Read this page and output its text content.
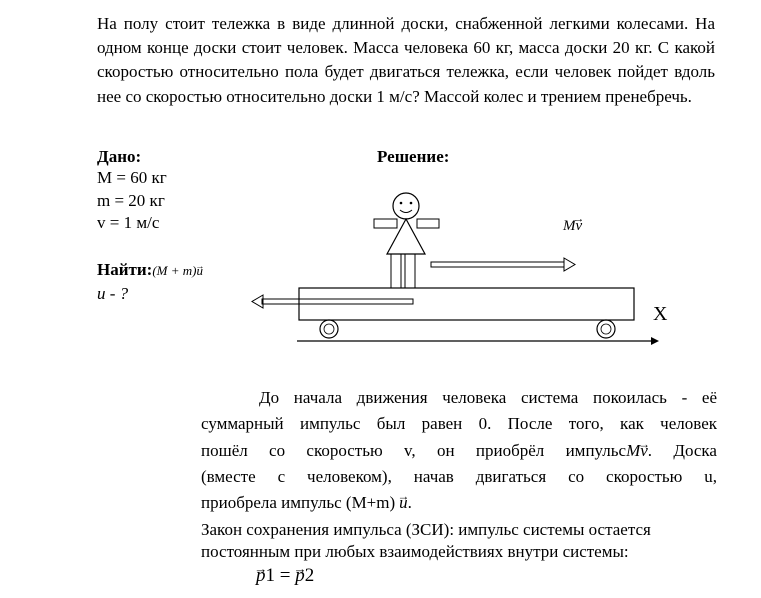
На полу стоит тележка в виде длинной доски, снабженной легкими колесами. На одном конце доски стоит человек. Масса человека 60 кг, масса доски 20 кг. С какой скоростью относительно пола будет двигаться тележка, если человек пойдет вдоль нее со скоростью относительно доски 1 м/с? Массой колес и трением пренебречь.
Дано:
M = 60 кг
m = 20 кг
v = 1 м/с
Найти:(M + m)→ u
u - ?
Решение:
M→ v
X
До начала движения человека система покоилась - её
суммарный импульс был равен 0. После того, как человек
пошёл со скоростью v, он приобрёл импульсM→ v. Доска
(вместе с человеком), начав двигаться со скоростью u,
приобрела импульс (M+m) → u.
Закон сохранения импульса (ЗСИ): импульс системы остается
постоянным при любых взаимодействиях внутри системы:
→ p1 = → p2
